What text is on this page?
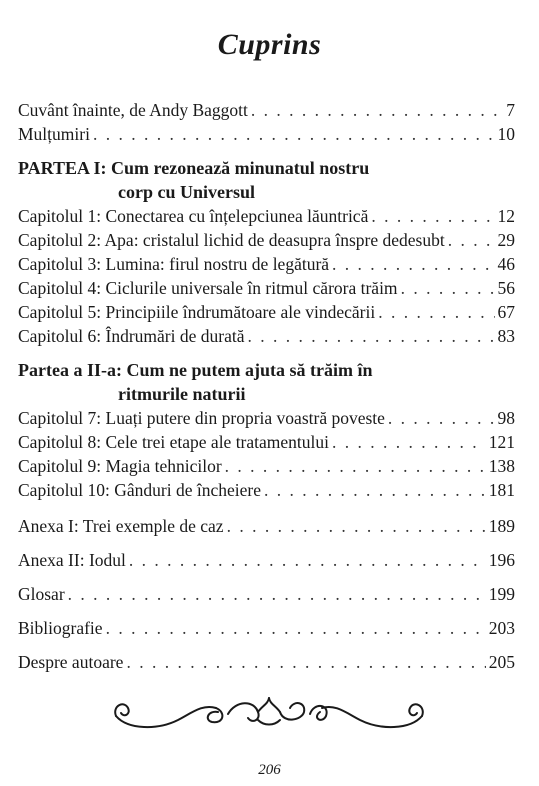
Cuprins
Cuvânt înainte, de Andy Baggott . . .	7
Mulțumiri . . .	10
PARTEA I: Cum rezonează minunatul nostru
corp cu Universul
Capitolul 1: Conectarea cu înțelepciunea lăuntrică . . .	12
Capitolul 2: Apa: cristalul lichid de deasupra înspre dedesubt . . .	29
Capitolul 3: Lumina: firul nostru de legătură . . .	46
Capitolul 4: Ciclurile universale în ritmul cărora trăim . . .	56
Capitolul 5: Principiile îndrumătoare ale vindecării . . .	67
Capitolul 6: Îndrumări de durată . . .	83
Partea a II-a: Cum ne putem ajuta să trăim în
ritmurile naturii
Capitolul 7: Luați putere din propria voastră poveste . . .	98
Capitolul 8: Cele trei etape ale tratamentului . . .	121
Capitolul 9: Magia tehnicilor . . .	138
Capitolul 10: Gânduri de încheiere . . .	181
Anexa I: Trei exemple de caz . . .	189
Anexa II: Iodul . . .	196
Glosar . . .	199
Bibliografie . . .	203
Despre autoare . . .	205
206
